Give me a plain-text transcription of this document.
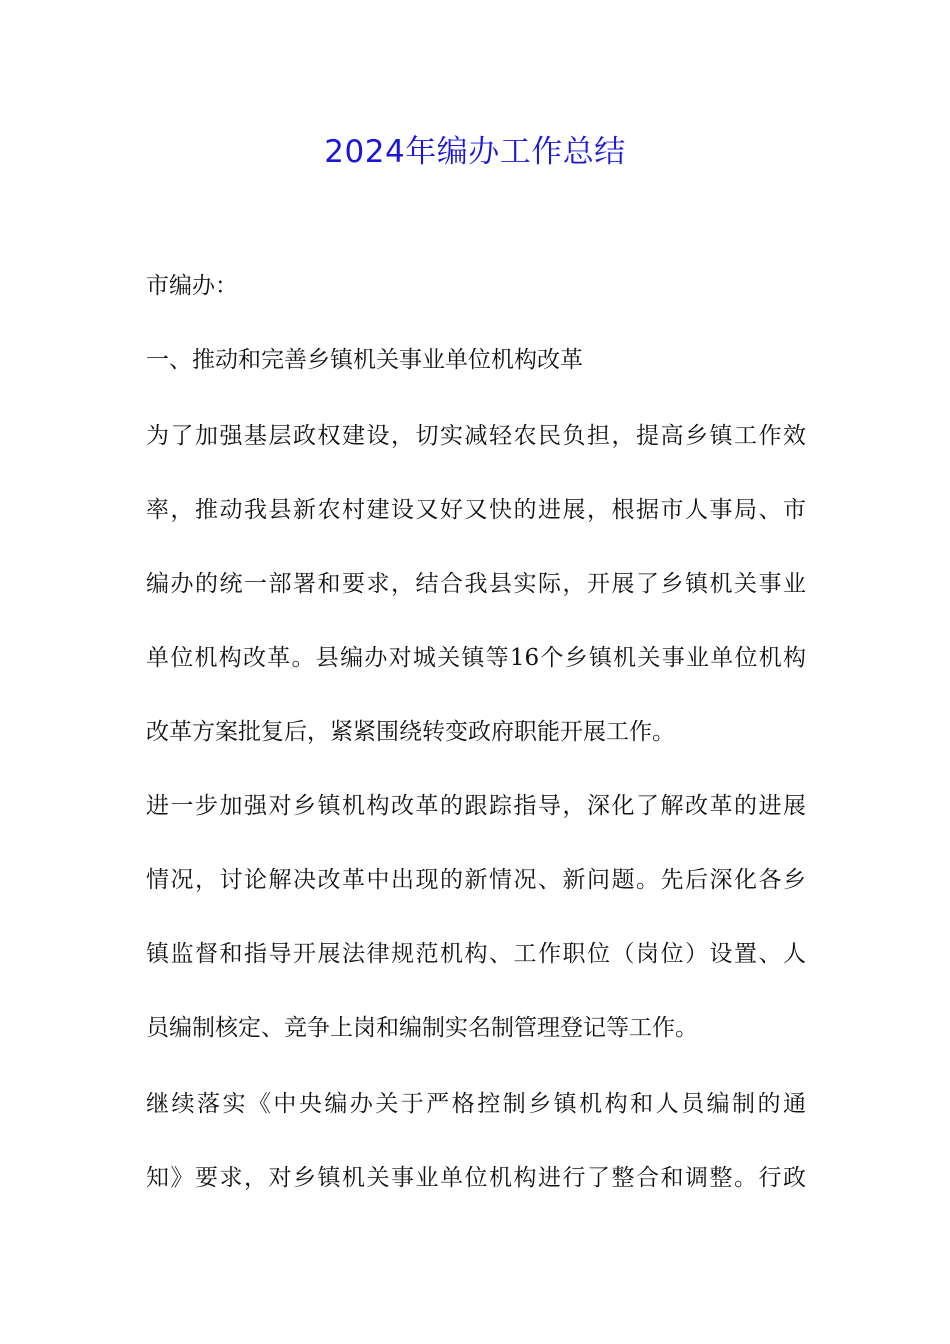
2024年编办工作总结

市编办：

一、推动和完善乡镇机关事业单位机构改革

为了加强基层政权建设，切实减轻农民负担，提高乡镇工作效

率，推动我县新农村建设又好又快的进展，根据市人事局、市

编办的统一部署和要求，结合我县实际，开展了乡镇机关事业

单位机构改革。县编办对城关镇等16个乡镇机关事业单位机构

改革方案批复后，紧紧围绕转变政府职能开展工作。

进一步加强对乡镇机构改革的跟踪指导，深化了解改革的进展

情况，讨论解决改革中出现的新情况、新问题。先后深化各乡

镇监督和指导开展法律规范机构、工作职位（岗位）设置、人

员编制核定、竞争上岗和编制实名制管理登记等工作。

继续落实《中央编办关于严格控制乡镇机构和人员编制的通

知》要求，对乡镇机关事业单位机构进行了整合和调整。行政
